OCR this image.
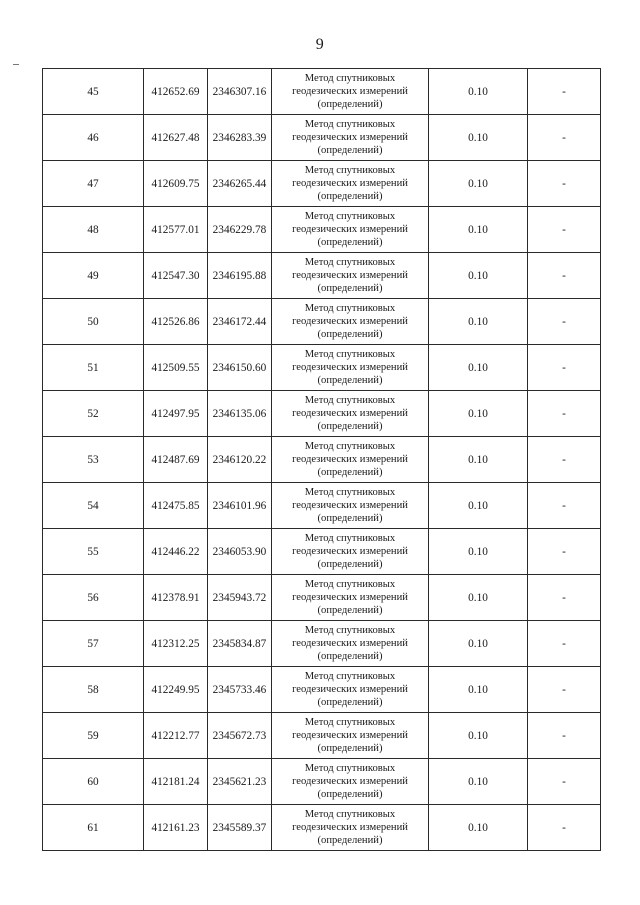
9
45	412652.69	2346307.16	Метод спутниковых
геодезических измерений
(определений)	0.10	-
46	412627.48	2346283.39	Метод спутниковых
геодезических измерений
(определений)	0.10	-
47	412609.75	2346265.44	Метод спутниковых
геодезических измерений
(определений)	0.10	-
48	412577.01	2346229.78	Метод спутниковых
геодезических измерений
(определений)	0.10	-
49	412547.30	2346195.88	Метод спутниковых
геодезических измерений
(определений)	0.10	-
50	412526.86	2346172.44	Метод спутниковых
геодезических измерений
(определений)	0.10	-
51	412509.55	2346150.60	Метод спутниковых
геодезических измерений
(определений)	0.10	-
52	412497.95	2346135.06	Метод спутниковых
геодезических измерений
(определений)	0.10	-
53	412487.69	2346120.22	Метод спутниковых
геодезических измерений
(определений)	0.10	-
54	412475.85	2346101.96	Метод спутниковых
геодезических измерений
(определений)	0.10	-
55	412446.22	2346053.90	Метод спутниковых
геодезических измерений
(определений)	0.10	-
56	412378.91	2345943.72	Метод спутниковых
геодезических измерений
(определений)	0.10	-
57	412312.25	2345834.87	Метод спутниковых
геодезических измерений
(определений)	0.10	-
58	412249.95	2345733.46	Метод спутниковых
геодезических измерений
(определений)	0.10	-
59	412212.77	2345672.73	Метод спутниковых
геодезических измерений
(определений)	0.10	-
60	412181.24	2345621.23	Метод спутниковых
геодезических измерений
(определений)	0.10	-
61	412161.23	2345589.37	Метод спутниковых
геодезических измерений
(определений)	0.10	-
